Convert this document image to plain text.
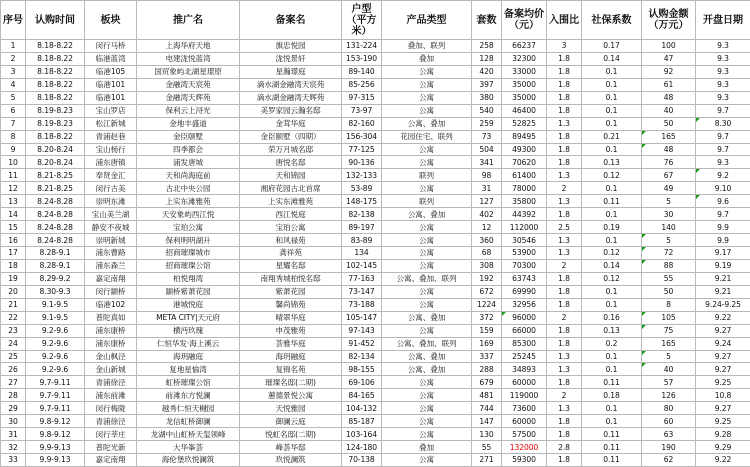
序号	认购时间	板块	推广名	备案名	户型（平方米）	产品类型	套数	备案均价（元）	入围比	社保系数	认购金额（万元）	开盘日期
1	8.18-8.22	闵行马桥	上海华府天地	旗忠悦园	131-224	叠加、联列	258	66237	3	0.17	100	9.3
2	8.18-8.22	临港蓝湾	电建泷悦蓝湾	泷悦景轩	153-190	叠加	128	32300	1.8	0.14	47	9.3
3	8.18-8.22	临港105	国贸象屿北湖星璟原	星瀚璟庭	89-140	公寓	420	33000	1.8	0.1	92	9.3
4	8.18-8.22	临港101	金融湾天宸苑	滴水湖金融湾天宸苑	85-256	公寓	397	35000	1.8	0.1	61	9.3
5	8.18-8.22	临港101	金融湾天辉苑	滴水湖金融湾天辉苑	97-315	公寓	380	35000	1.8	0.1	48	9.3
6	8.19-8.23	宝山罗店	保利云上浔光	美罗家园云瀚名邸	73-97	公寓	540	46400	1.8	0.1	40	9.7
7	8.19-8.23	松江新城	金地丰盛道	金茸华庭	82-160	公寓、叠加	259	52825	1.3	0.1	50	8.30
8	8.18-8.22	青浦赵巷	金臣颐墅	金臣颐墅（四期）	156-304	花园住宅、联列	73	89495	1.8	0.21	165	9.7
9	8.20-8.24	宝山杨行	四季都会	荣万月城名邸	77-125	公寓	504	49300	1.8	0.1	48	9.7
10	8.20-8.24	浦东唐镇	浦发唐城	唐悦名邸	90-136	公寓	341	70620	1.8	0.13	76	9.3
11	8.21-8.25	奉贤金汇	天和尚海庭前	天和锦园	132-133	联列	98	61400	1.3	0.12	67	9.2
12	8.21-8.25	闵行古美	古北中央公园	湘府花园古北首席	53-89	公寓	31	78000	2	0.1	49	9.10
13	8.24-8.28	崇明东滩	上实东滩雅苑	上实东滩雅苑	148-175	联列	127	35800	1.3	0.11	5	9.6
14	8.24-8.28	宝山美兰湖	天安象屿西江悦	西江悦庭	82-138	公寓、叠加	402	44392	1.8	0.1	30	9.7
15	8.24-8.28	静安不夜城	宝珀公寓	宝珀公寓	89-197	公寓	12	112000	2.5	0.19	140	9.9
16	8.24-8.28	崇明新城	保利明明湖升	和风禄苑	83-89	公寓	360	30546	1.3	0.1	5	9.9
17	8.28-9.1	浦东曹路	招商璀璨城市	龚祥苑	134	公寓	68	53900	1.3	0.12	72	9.17
18	8.28-9.1	浦东森兰	招商璀璨公馆	星耀名邸	102-145	公寓	308	70300	2	0.14	88	9.19
19	8.29-9.2	嘉定南翔	柏悦翔湾	南翔秀城柏悦名邸	77-163	公寓、叠加、联列	192	63743	1.8	0.12	55	9.21
20	8.30-9.3	闵行颛桥	颛桥紫萧花园	紫萧花园	73-147	公寓	672	69990	1.8	0.1	50	9.21
21	9.1-9.5	临港102	港城悦庭	馨尚锦苑	73-188	公寓	1224	32956	1.8	0.1	8	9.24-9.25
22	9.1-9.5	普陀真如	META CITY|天元府	晴翠华庭	105-147	公寓、叠加	372	96000	2	0.16	105	9.22
23	9.2-9.6	浦东康桥	横沔玖瑰	申茂雅苑	97-143	公寓	159	66000	1.8	0.13	75	9.27
24	9.2-9.6	浦东康桥	仁恒华发·海上溪云	荟雅华庭	91-452	公寓、叠加、联列	169	85300	1.8	0.2	165	9.24
25	9.2-9.6	金山枫泾	海玥融庭	海玥融庭	82-134	公寓、叠加	337	25245	1.3	0.1	5	9.27
26	9.2-9.6	金山新城	复地星愉湾	复锦名苑	98-155	公寓、叠加	288	34893	1.3	0.1	40	9.27
27	9.7-9.11	青浦徐泾	虹桥璀璨公馆	璀璨名邸(二期)	69-106	公寓	679	60000	1.8	0.11	57	9.25
28	9.7-9.11	浦东前滩	前滩东方悦澜	蕙德景悦公寓	84-165	公寓	481	119000	2	0.18	126	10.8
29	9.7-9.11	闵行梅陇	越秀仁恒天樾园	天悦雅园	104-132	公寓	744	73600	1.3	0.1	80	9.27
30	9.8-9.12	青浦徐泾	龙信虹桥御澜	御澜云庭	85-187	公寓	147	60000	1.8	0.1	60	9.25
31	9.8-9.12	闵行莘庄	龙湖中山虹桥天玺领峰	悦虹名邸(二期)	103-164	公寓	130	57500	1.8	0.11	63	9.28
32	9.9-9.13	普陀光新	大华峯荟	峰荟华邸	124-180	叠加	55	132000	2.8	0.11	190	9.29
33	9.9-9.13	嘉定南翔	海伦堡玖悦澜筑	玖悦澜筑	70-138	公寓	271	59300	1.8	0.11	62	9.22
